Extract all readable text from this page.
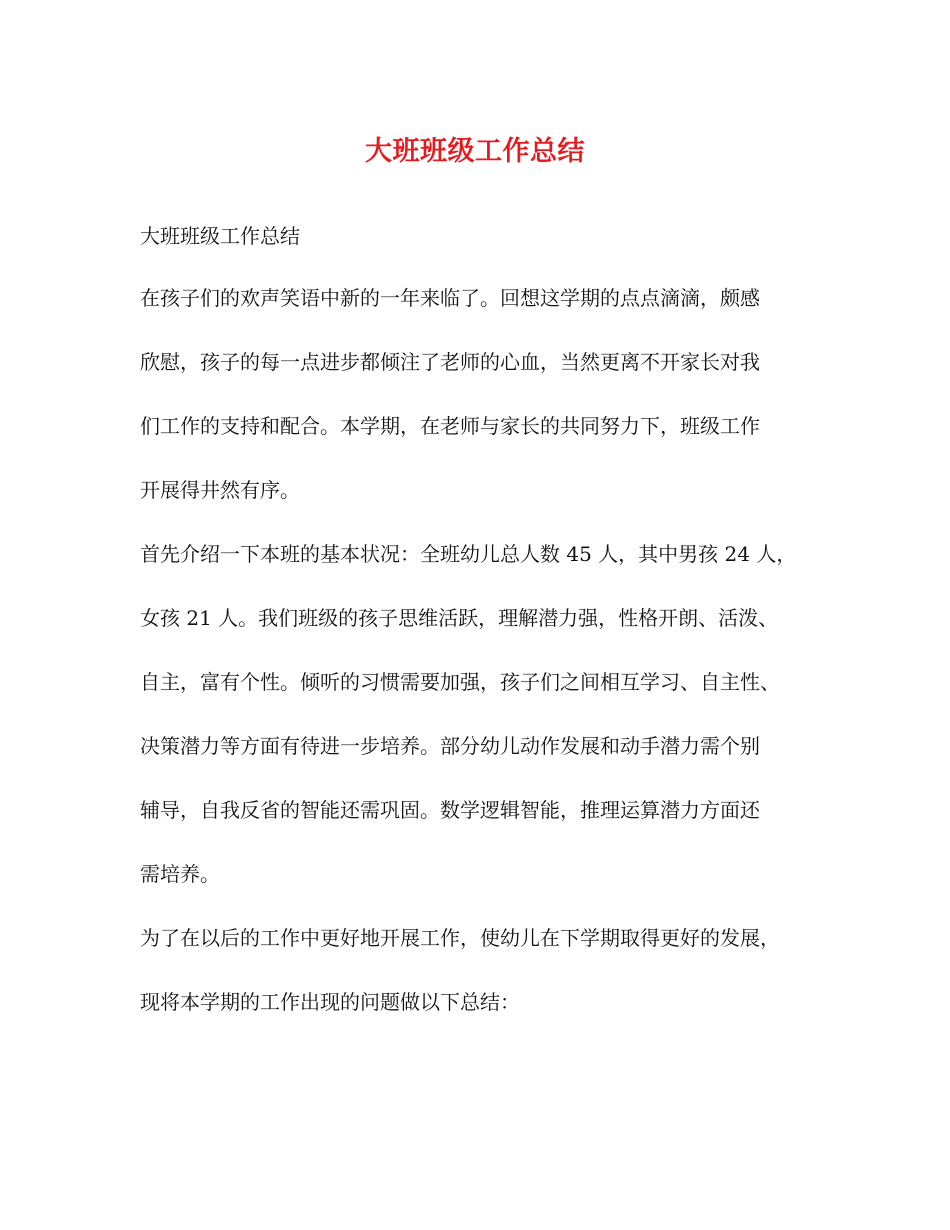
大班班级工作总结

大班班级工作总结

在孩子们的欢声笑语中新的一年来临了。回想这学期的点点滴滴，颇感
欣慰，孩子的每一点进步都倾注了老师的心血，当然更离不开家长对我
们工作的支持和配合。本学期，在老师与家长的共同努力下，班级工作
开展得井然有序。

首先介绍一下本班的基本状况：全班幼儿总人数 45 人，其中男孩 24 人，
女孩 21 人。我们班级的孩子思维活跃，理解潜力强，性格开朗、活泼、
自主，富有个性。倾听的习惯需要加强，孩子们之间相互学习、自主性、
决策潜力等方面有待进一步培养。部分幼儿动作发展和动手潜力需个别
辅导，自我反省的智能还需巩固。数学逻辑智能，推理运算潜力方面还
需培养。

为了在以后的工作中更好地开展工作，使幼儿在下学期取得更好的发展，
现将本学期的工作出现的问题做以下总结：
